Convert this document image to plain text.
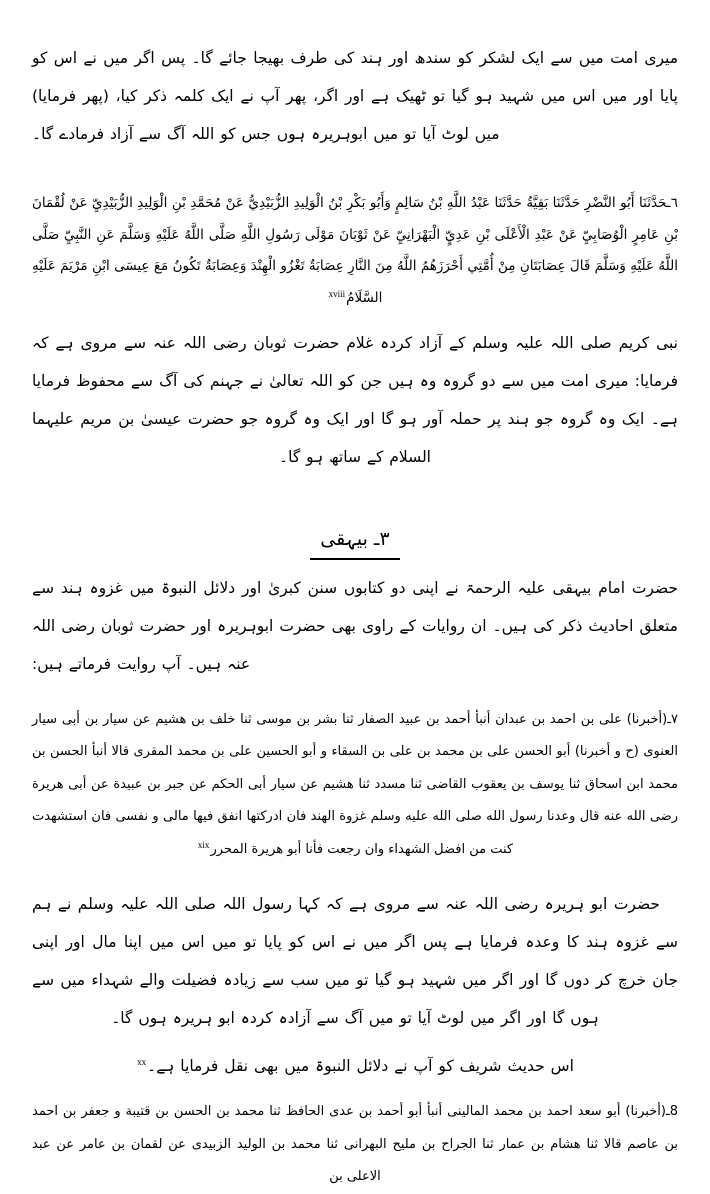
میری امت میں سے ایک لشکر کو سندھ اور ہند کی طرف بھیجا جائے گا۔ پس اگر میں نے اس کو پایا اور میں اس میں شہید ہو گیا تو ٹھیک ہے اور اگر، پھر آپ نے ایک کلمہ ذکر کیا، (پھر فرمایا) میں لوٹ آیا تو میں ابوہریرہ ہوں جس کو اللہ آگ سے آزاد فرمادے گا۔

٦ـحَدَّثَنَا أَبُو النَّضْرِ حَدَّثَنَا بَقِيَّةُ حَدَّثَنَا عَبْدُ اللَّهِ بْنُ سَالِمٍ وَأَبُو بَكْرِ بْنُ الْوَلِيدِ الزُّبَيْدِيُّ عَنْ مُحَمَّدِ بْنِ الْوَلِيدِ الزُّبَيْدِيِّ عَنْ لُقْمَانَ بْنِ عَامِرٍ الْوُصَابِيِّ عَنْ عَبْدِ الْأَعْلَى بْنِ عَدِيٍّ الْبَهْرَانِيِّ عَنْ ثَوْبَانَ مَوْلَى رَسُولِ اللَّهِ صَلَّى اللَّهُ عَلَيْهِ وَسَلَّمَ عَنِ النَّبِيِّ صَلَّى اللَّهُ عَلَيْهِ وَسَلَّمَ قَالَ عِصَابَتَانِ مِنْ أُمَّتِي أَحْرَزَهُمُ اللَّهُ مِنَ النَّارِ عِصَابَةٌ تَغْزُو الْهِنْدَ وَعِصَابَةٌ تَكُونُ مَعَ عِيسَى ابْنِ مَرْيَمَ عَلَيْهِ السَّلَامُ$^{xviii}$

نبی کریم صلی اللہ علیہ وسلم کے آزاد کردہ غلام حضرت ثوبان رضی اللہ عنہ سے مروی ہے کہ فرمایا: میری امت میں سے دو گروہ وہ ہیں جن کو اللہ تعالیٰ نے جہنم کی آگ سے محفوظ فرمایا ہے۔ ایک وہ گروہ جو ہند پر حملہ آور ہو گا اور ایک وہ گروہ جو حضرت عیسیٰ بن مریم علیہما السلام کے ساتھ ہو گا۔

٣ـ بیہقی

حضرت امام بیہقی علیہ الرحمۃ نے اپنی دو کتابوں سنن کبریٰ اور دلائل النبوۃ میں غزوہ ہند سے متعلق احادیث ذکر کی ہیں۔ ان روایات کے راوی بھی حضرت ابوہریرہ اور حضرت ثوبان رضی اللہ عنہ ہیں۔ آپ روایت فرماتے ہیں:

٧ـ(أخبرنا) علی بن احمد بن عبدان أنبأ أحمد بن عبید الصفار ثنا بشر بن موسی ثنا خلف بن هشیم عن سیار بن أبی سیار العنوی (ح و أخبرنا) أبو الحسن علی بن محمد بن علی بن السقاء و أبو الحسین علی بن محمد المقری قالا أنبأ الحسن بن محمد ابن اسحاق ثنا یوسف بن یعقوب القاضی ثنا مسدد ثنا هشیم عن سیار أبی الحکم عن جبر بن عبیدة عن أبی هریرة رضی الله عنه قال وعدنا رسول الله صلی الله علیه وسلم غزوة الهند فان ادرکتها انفق فیها مالی و نفسی فان استشهدت کنت من افضل الشهداء وان رجعت فأنا أبو هریرة المحرر$^{xix}$

حضرت ابو ہریرہ رضی اللہ عنہ سے مروی ہے کہ کہا رسول اللہ صلی اللہ علیہ وسلم نے ہم سے غزوہ ہند کا وعدہ فرمایا ہے پس اگر میں نے اس کو پایا تو میں اس میں اپنا مال اور اپنی جان خرچ کر دوں گا اور اگر میں شہید ہو گیا تو میں سب سے زیادہ فضیلت والے شہداء میں سے ہوں گا اور اگر میں لوٹ آیا تو میں آگ سے آزادہ کردہ ابو ہریرہ ہوں گا۔

اس حدیث شریف کو آپ نے دلائل النبوۃ میں بھی نقل فرمایا ہے۔$^{xx}$

8ـ(أخبرنا) أبو سعد احمد بن محمد المالینی أنبأ أبو أحمد بن عدی الحافظ ثنا محمد بن الحسن بن قتیبة و جعفر بن احمد بن عاصم قالا ثنا هشام بن عمار ثنا الجراح بن ملیح البهرانی ثنا محمد بن الولید الزبیدی عن لقمان بن عامر عن عبد الاعلی بن
